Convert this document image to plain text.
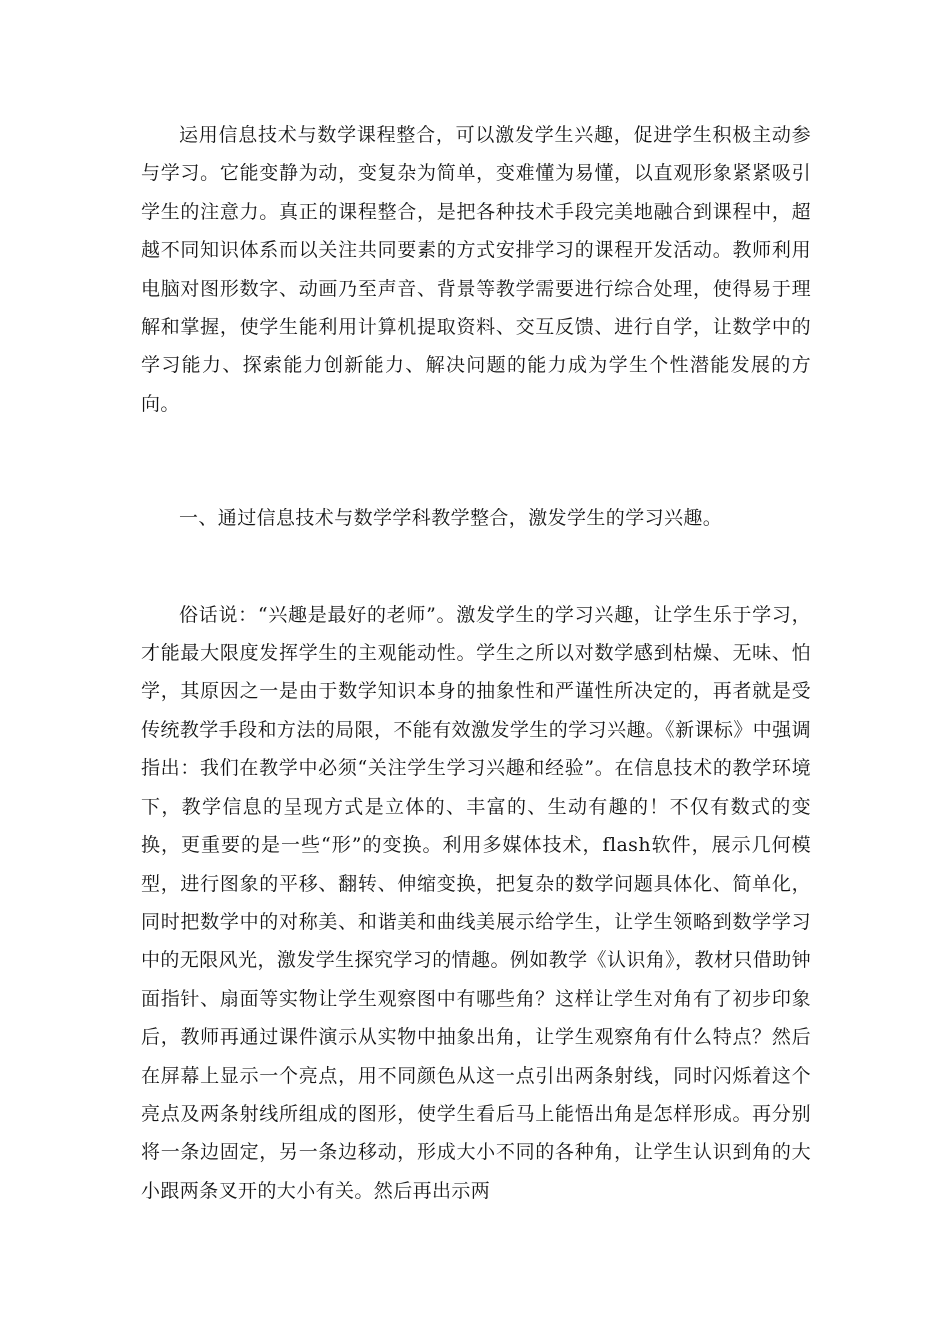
运用信息技术与数学课程整合，可以激发学生兴趣，促进学生积极主动参与学习。它能变静为动，变复杂为简单，变难懂为易懂，以直观形象紧紧吸引学生的注意力。真正的课程整合，是把各种技术手段完美地融合到课程中，超越不同知识体系而以关注共同要素的方式安排学习的课程开发活动。教师利用电脑对图形数字、动画乃至声音、背景等教学需要进行综合处理，使得易于理解和掌握，使学生能利用计算机提取资料、交互反馈、进行自学，让数学中的学习能力、探索能力创新能力、解决问题的能力成为学生个性潜能发展的方向。

一、通过信息技术与数学学科教学整合，激发学生的学习兴趣。

俗话说：“兴趣是最好的老师”。激发学生的学习兴趣，让学生乐于学习，才能最大限度发挥学生的主观能动性。学生之所以对数学感到枯燥、无味、怕学，其原因之一是由于数学知识本身的抽象性和严谨性所决定的，再者就是受传统教学手段和方法的局限，不能有效激发学生的学习兴趣。《新课标》中强调指出：我们在教学中必须“关注学生学习兴趣和经验”。在信息技术的教学环境下，教学信息的呈现方式是立体的、丰富的、生动有趣的！不仅有数式的变换，更重要的是一些“形”的变换。利用多媒体技术，flash软件，展示几何模型，进行图象的平移、翻转、伸缩变换，把复杂的数学问题具体化、简单化，同时把数学中的对称美、和谐美和曲线美展示给学生，让学生领略到数学学习中的无限风光，激发学生探究学习的情趣。例如教学《认识角》，教材只借助钟面指针、扇面等实物让学生观察图中有哪些角？这样让学生对角有了初步印象后，教师再通过课件演示从实物中抽象出角，让学生观察角有什么特点？然后在屏幕上显示一个亮点，用不同颜色从这一点引出两条射线，同时闪烁着这个亮点及两条射线所组成的图形，使学生看后马上能悟出角是怎样形成。再分别将一条边固定，另一条边移动，形成大小不同的各种角，让学生认识到角的大小跟两条叉开的大小有关。然后再出示两
